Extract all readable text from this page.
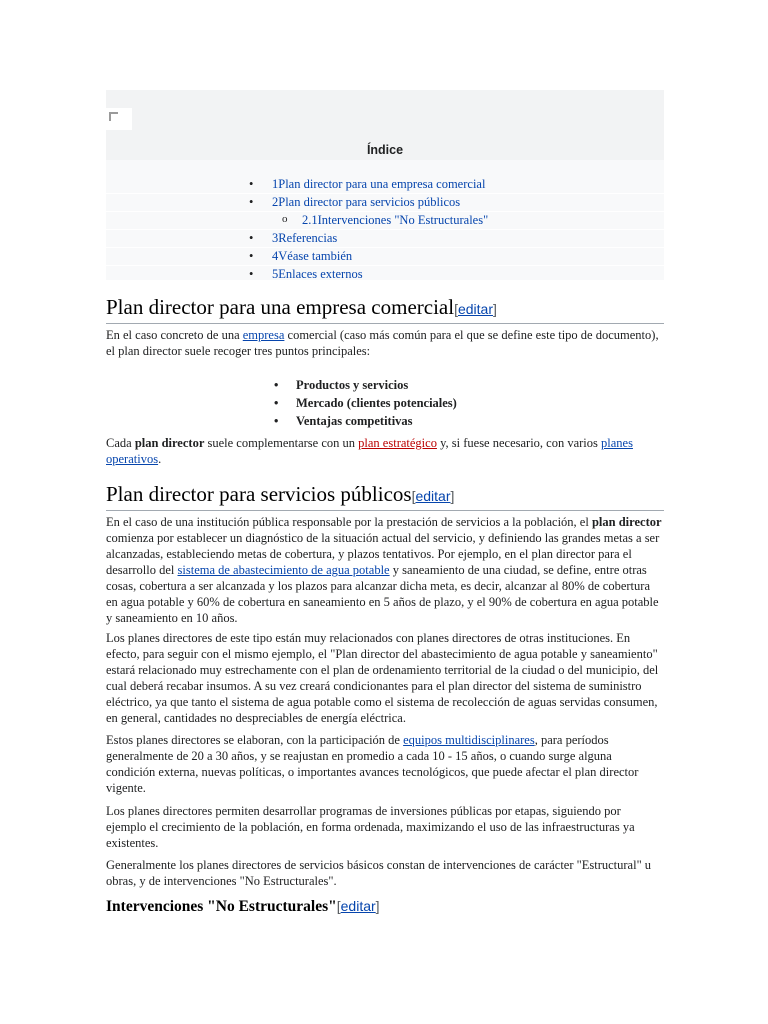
Índice
• 1Plan director para una empresa comercial
• 2Plan director para servicios públicos
o 2.1Intervenciones "No Estructurales"
• 3Referencias
• 4Véase también
• 5Enlaces externos
Plan director para una empresa comercial[editar]

En el caso concreto de una empresa comercial (caso más común para el que se define este tipo de documento), el plan director suele recoger tres puntos principales:

• Productos y servicios
• Mercado (clientes potenciales)
• Ventajas competitivas

Cada plan director suele complementarse con un plan estratégico y, si fuese necesario, con varios planes operativos.

Plan director para servicios públicos[editar]

En el caso de una institución pública responsable por la prestación de servicios a la población, el plan director comienza por establecer un diagnóstico de la situación actual del servicio, y definiendo las grandes metas a ser alcanzadas, estableciendo metas de cobertura, y plazos tentativos. Por ejemplo, en el plan director para el desarrollo del sistema de abastecimiento de agua potable y saneamiento de una ciudad, se define, entre otras cosas, cobertura a ser alcanzada y los plazos para alcanzar dicha meta, es decir, alcanzar al 80% de cobertura en agua potable y 60% de cobertura en saneamiento en 5 años de plazo, y el 90% de cobertura en agua potable y saneamiento en 10 años.

Los planes directores de este tipo están muy relacionados con planes directores de otras instituciones. En efecto, para seguir con el mismo ejemplo, el "Plan director del abastecimiento de agua potable y saneamiento" estará relacionado muy estrechamente con el plan de ordenamiento territorial de la ciudad o del municipio, del cual deberá recabar insumos. A su vez creará condicionantes para el plan director del sistema de suministro eléctrico, ya que tanto el sistema de agua potable como el sistema de recolección de aguas servidas consumen, en general, cantidades no despreciables de energía eléctrica.

Estos planes directores se elaboran, con la participación de equipos multidisciplinares, para períodos generalmente de 20 a 30 años, y se reajustan en promedio a cada 10 - 15 años, o cuando surge alguna condición externa, nuevas políticas, o importantes avances tecnológicos, que puede afectar el plan director vigente.

Los planes directores permiten desarrollar programas de inversiones públicas por etapas, siguiendo por ejemplo el crecimiento de la población, en forma ordenada, maximizando el uso de las infraestructuras ya existentes.

Generalmente los planes directores de servicios básicos constan de intervenciones de carácter "Estructural" u obras, y de intervenciones "No Estructurales".

Intervenciones "No Estructurales"[editar]
